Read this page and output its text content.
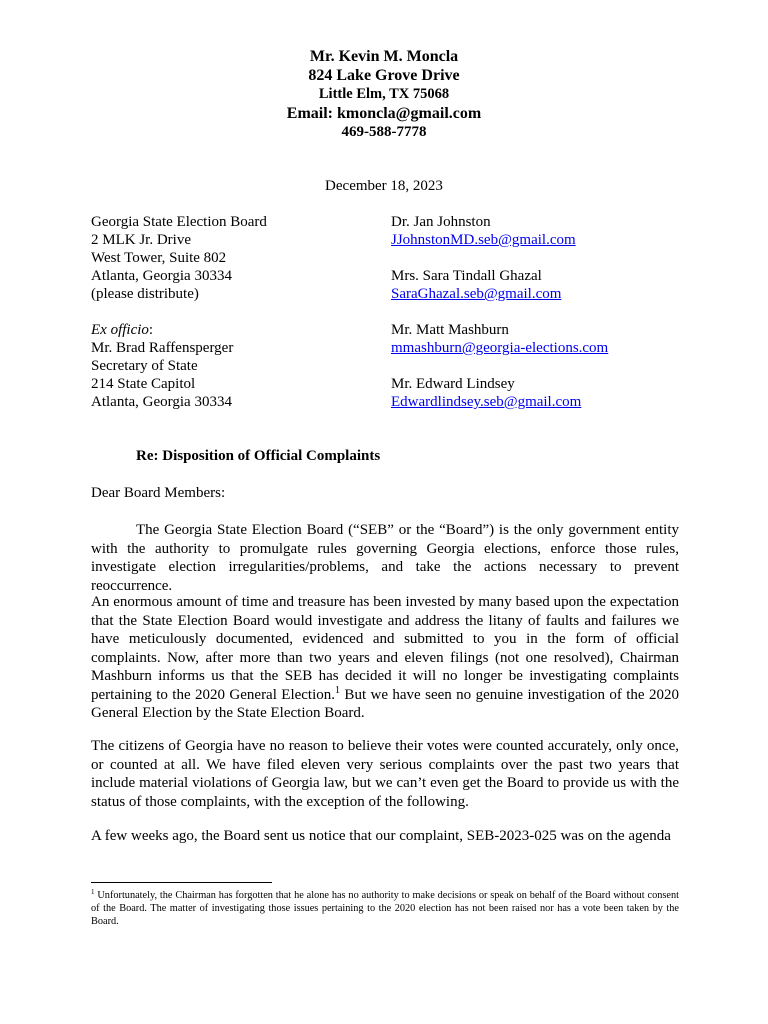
Mr. Kevin M. Moncla
824 Lake Grove Drive
Little Elm, TX 75068
Email: kmoncla@gmail.com
469-588-7778
December 18, 2023
Georgia State Election Board
2 MLK Jr. Drive
West Tower, Suite 802
Atlanta, Georgia 30334
(please distribute)
Ex officio:
Mr. Brad Raffensperger
Secretary of State
214 State Capitol
Atlanta, Georgia 30334
Dr. Jan Johnston
JJohnstonMD.seb@gmail.com
Mrs. Sara Tindall Ghazal
SaraGhazal.seb@gmail.com
Mr. Matt Mashburn
mmashburn@georgia-elections.com
Mr. Edward Lindsey
Edwardlindsey.seb@gmail.com
Re: Disposition of Official Complaints
Dear Board Members:
The Georgia State Election Board (“SEB” or the “Board”) is the only government entity with the authority to promulgate rules governing Georgia elections, enforce those rules, investigate election irregularities/problems, and take the actions necessary to prevent reoccurrence.
An enormous amount of time and treasure has been invested by many based upon the expectation that the State Election Board would investigate and address the litany of faults and failures we have meticulously documented, evidenced and submitted to you in the form of official complaints. Now, after more than two years and eleven filings (not one resolved), Chairman Mashburn informs us that the SEB has decided it will no longer be investigating complaints pertaining to the 2020 General Election.$^1$ But we have seen no genuine investigation of the 2020 General Election by the State Election Board.
The citizens of Georgia have no reason to believe their votes were counted accurately, only once, or counted at all. We have filed eleven very serious complaints over the past two years that include material violations of Georgia law, but we can’t even get the Board to provide us with the status of those complaints, with the exception of the following.
A few weeks ago, the Board sent us notice that our complaint, SEB-2023-025 was on the agenda
$^1$ Unfortunately, the Chairman has forgotten that he alone has no authority to make decisions or speak on behalf of the Board without consent of the Board. The matter of investigating those issues pertaining to the 2020 election has not been raised nor has a vote been taken by the Board.
